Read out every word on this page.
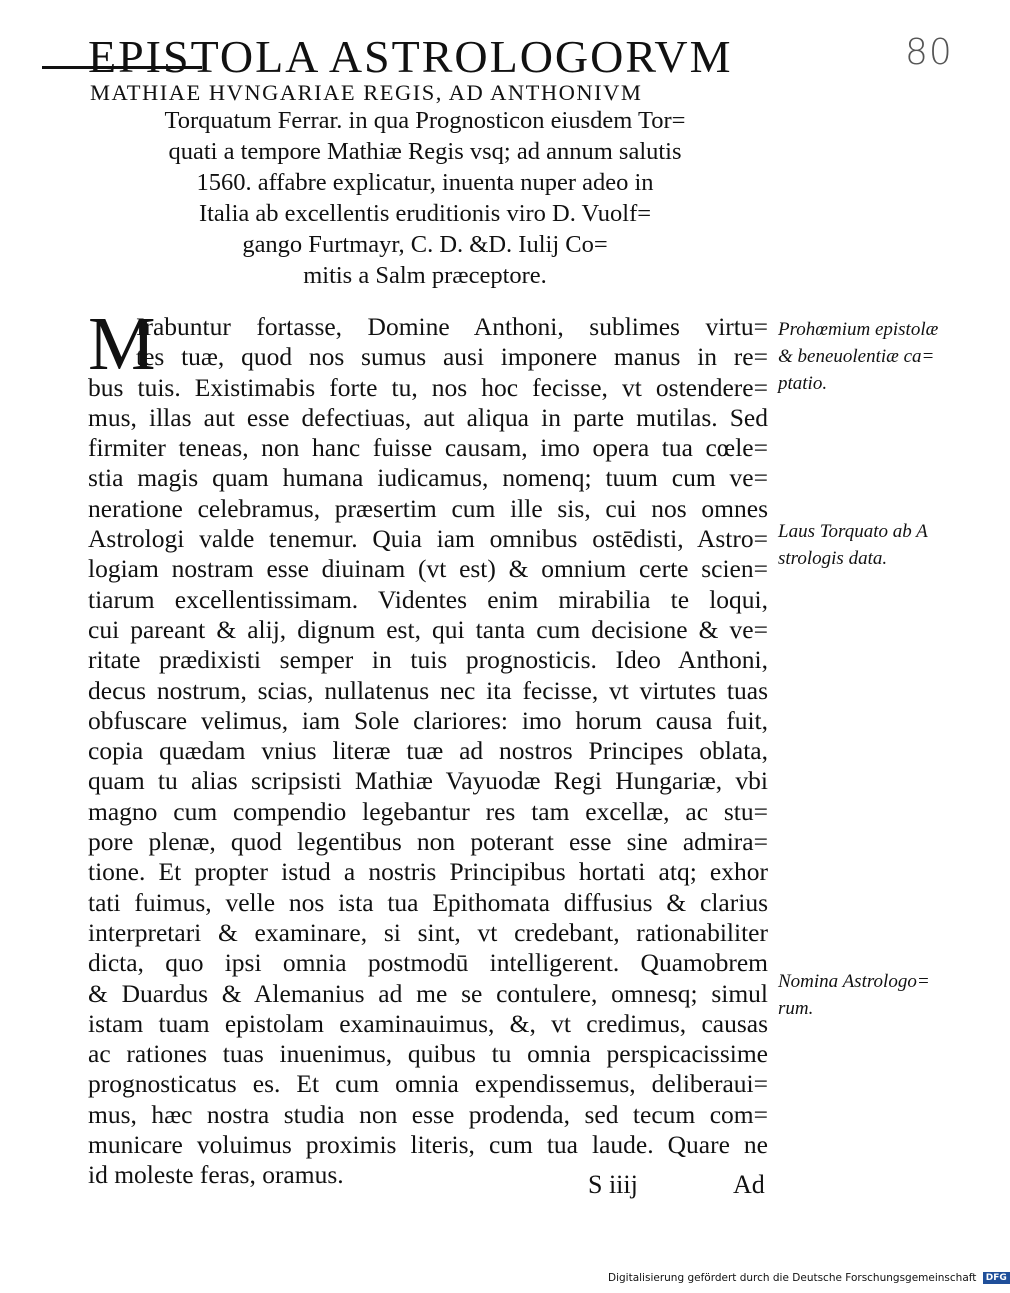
80
EPISTOLA ASTROLOGORVM
MATHIAE HVNGARIAE REGIS, AD ANTHONIVM
Torquatum Ferrar. in qua Prognosticon eiusdem Tor=
quati a tempore Mathiæ Regis vsq; ad annum salutis
1560. affabre explicatur, inuenta nuper adeo in
Italia ab excellentis eruditionis viro D. Vuolf=
gango Furtmayr, C. D. &D. Iulij Co=
mitis a Salm præceptore.
M
Irabuntur fortasse, Domine Anthoni, sublimes virtu=
tes tuæ, quod nos sumus ausi imponere manus in re=
bus tuis. Existimabis forte tu, nos hoc fecisse, vt ostendere=
mus, illas aut esse defectiuas, aut aliqua in parte mutilas. Sed
firmiter teneas, non hanc fuisse causam, imo opera tua cœle=
stia magis quam humana iudicamus, nomenq; tuum cum ve=
neratione celebramus, præsertim cum ille sis, cui nos omnes
Astrologi valde tenemur. Quia iam omnibus ostēdisti, Astro=
logiam nostram esse diuinam (vt est) & omnium certe scien=
tiarum excellentissimam. Videntes enim mirabilia te loqui,
cui pareant & alij, dignum est, qui tanta cum decisione & ve=
ritate prædixisti semper in tuis prognosticis. Ideo Anthoni,
decus nostrum, scias, nullatenus nec ita fecisse, vt virtutes tuas
obfuscare velimus, iam Sole clariores: imo horum causa fuit,
copia quædam vnius literæ tuæ ad nostros Principes oblata,
quam tu alias scripsisti Mathiæ Vayuodæ Regi Hungariæ, vbi
magno cum compendio legebantur res tam excellæ, ac stu=
pore plenæ, quod legentibus non poterant esse sine admira=
tione. Et propter istud a nostris Principibus hortati atq; exhor
tati fuimus, velle nos ista tua Epithomata diffusius & clarius
interpretari & examinare, si sint, vt credebant, rationabiliter
dicta, quo ipsi omnia postmodū intelligerent. Quamobrem
& Duardus & Alemanius ad me se contulere, omnesq; simul
istam tuam epistolam examinauimus, &, vt credimus, causas
ac rationes tuas inuenimus, quibus tu omnia perspicacissime
prognosticatus es. Et cum omnia expendissemus, deliberaui=
mus, hæc nostra studia non esse prodenda, sed tecum com=
municare voluimus proximis literis, cum tua laude. Quare ne
id moleste feras, oramus.
Prohœmium epistolæ
& beneuolentiæ ca=
ptatio.
Laus Torquato ab A
strologis data.
Nomina Astrologo=
rum.
S iiij	Ad
Digitalisierung gefördert durch die Deutsche Forschungsgemeinschaft DFG
